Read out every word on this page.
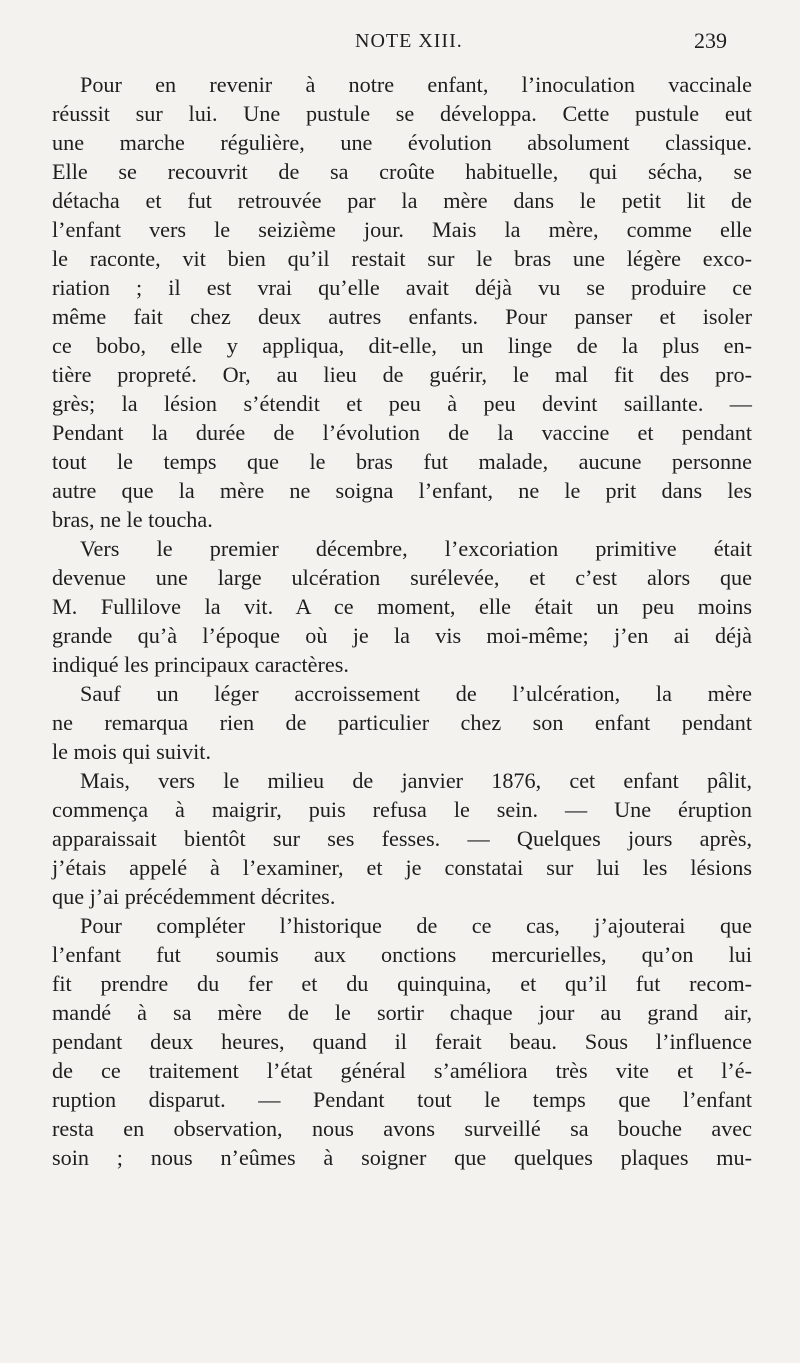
NOTE XIII.	239
Pour en revenir à notre enfant, l’inoculation vaccinale
réussit sur lui. Une pustule se développa. Cette pustule eut
une marche régulière, une évolution absolument classique.
Elle se recouvrit de sa croûte habituelle, qui sécha, se
détacha et fut retrouvée par la mère dans le petit lit de
l’enfant vers le seizième jour. Mais la mère, comme elle
le raconte, vit bien qu’il restait sur le bras une légère exco-
riation ; il est vrai qu’elle avait déjà vu se produire ce
même fait chez deux autres enfants. Pour panser et isoler
ce bobo, elle y appliqua, dit-elle, un linge de la plus en-
tière propreté. Or, au lieu de guérir, le mal fit des pro-
grès; la lésion s’étendit et peu à peu devint saillante. —
Pendant la durée de l’évolution de la vaccine et pendant
tout le temps que le bras fut malade, aucune personne
autre que la mère ne soigna l’enfant, ne le prit dans les
bras, ne le toucha.
Vers le premier décembre, l’excoriation primitive était
devenue une large ulcération surélevée, et c’est alors que
M. Fullilove la vit. A ce moment, elle était un peu moins
grande qu’à l’époque où je la vis moi-même; j’en ai déjà
indiqué les principaux caractères.
Sauf un léger accroissement de l’ulcération, la mère
ne remarqua rien de particulier chez son enfant pendant
le mois qui suivit.
Mais, vers le milieu de janvier 1876, cet enfant pâlit,
commença à maigrir, puis refusa le sein. — Une éruption
apparaissait bientôt sur ses fesses. — Quelques jours après,
j’étais appelé à l’examiner, et je constatai sur lui les lésions
que j’ai précédemment décrites.
Pour compléter l’historique de ce cas, j’ajouterai que
l’enfant fut soumis aux onctions mercurielles, qu’on lui
fit prendre du fer et du quinquina, et qu’il fut recom-
mandé à sa mère de le sortir chaque jour au grand air,
pendant deux heures, quand il ferait beau. Sous l’influence
de ce traitement l’état général s’améliora très vite et l’é-
ruption disparut. — Pendant tout le temps que l’enfant
resta en observation, nous avons surveillé sa bouche avec
soin ; nous n’eûmes à soigner que quelques plaques mu-
